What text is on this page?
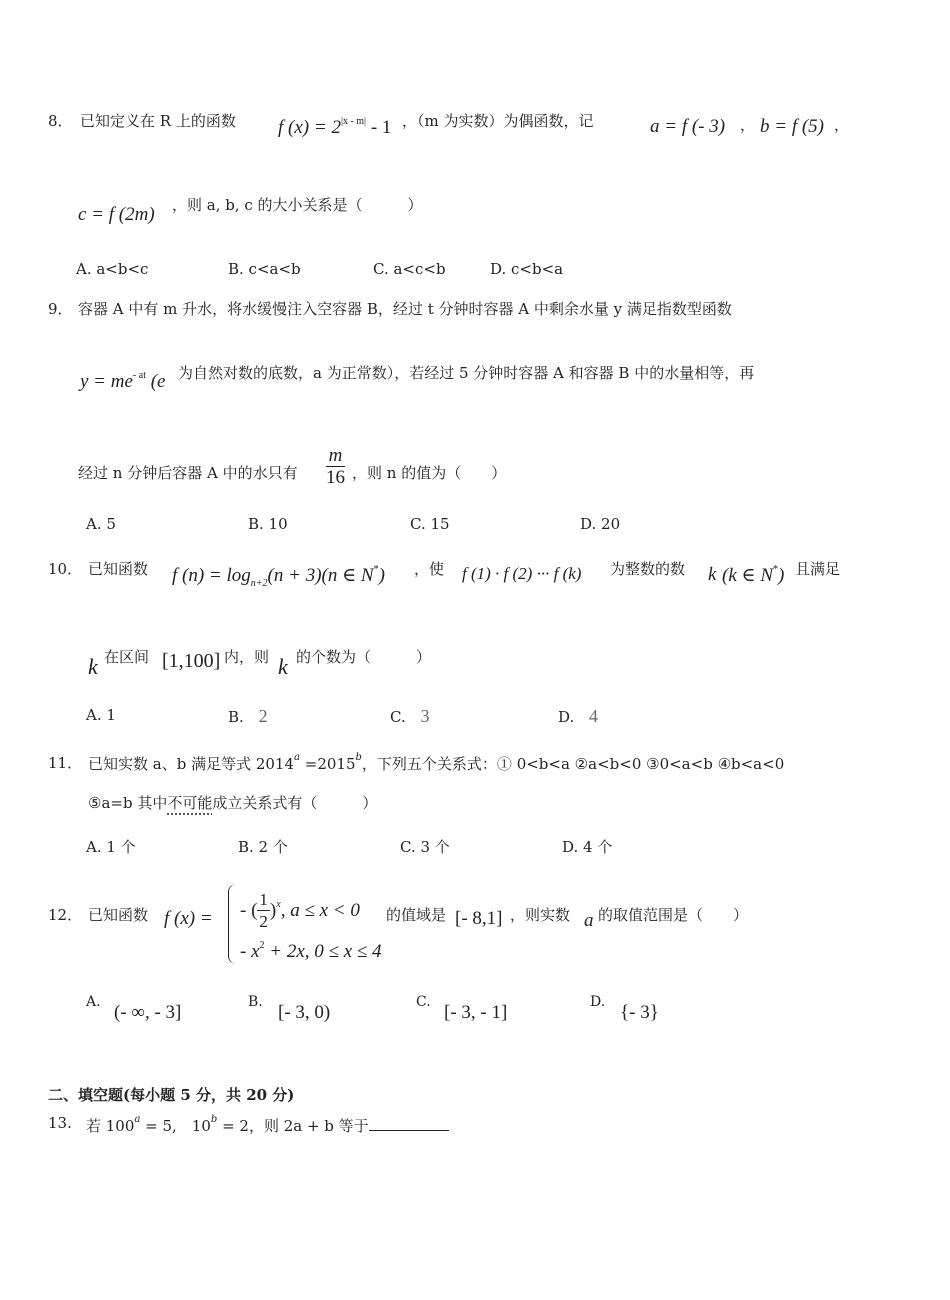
8． 已知定义在 R 上的函数 f $(x) = 2^{|x - m|} - 1$ ，（m 为实数）为偶函数，记	a = f (- 3) ， b = f (5) ，
c = f (2m) ，则 a, b, c 的大小关系是（　　　）
A. a<b<c	B. c<a<b	C. a<c<b	D. c<b<a
9． 容器 A 中有 m 升水，将水缓慢注入空容器 B，经过 t 分钟时容器 A 中剩余水量 y 满足指数型函数
$y = me^{- at}$ (e 为自然对数的底数，a 为正常数），若经过 5 分钟时容器 A 和容器 B 中的水量相等，再
经过 n 分钟后容器 A 中的水只有 $\frac{m}{16}$ ，则 n 的值为（　　）
A. 5	B. 10	C. 15	D. 20
10． 已知函数 f $(n) = \log_{n+2}(n + 3)(n$ ∈ N*) ，使 f (1) · f (2) ··· f (k) 为整数的数 k (k ∈ N*) 且满足
k 在区间 [1,100] 内，则 k 的个数为（　　　）
A. 1	B. 2	C. 3	D. 4
11． 已知实数 a、b 满足等式 $2014^a =2015^b$，下列五个关系式：① 0<b<a ②a<b<0 ③0<a<b ④b<a<0
⑤a=b 其中不可能成立关系式有（　　　）
A. 1 个	B. 2 个	C. 3 个	D. 4 个
12． 已知函数 f (x) = - ( $\frac{1}{2} )^x$, a ≤ x < 0
- $x^2 + 2x$, 0 ≤ x ≤ 4
的值域是 [- 8,1] ，则实数 a 的取值范围是（　　）
A. (- ∞, - 3]	B. [- 3, 0)	C. [- 3, - 1]	D. {- 3}
二、填空题(每小题 5 分，共 20 分)
13. 若 $100^a = 5$,　$10^b = 2$，则 2a + b 等于
